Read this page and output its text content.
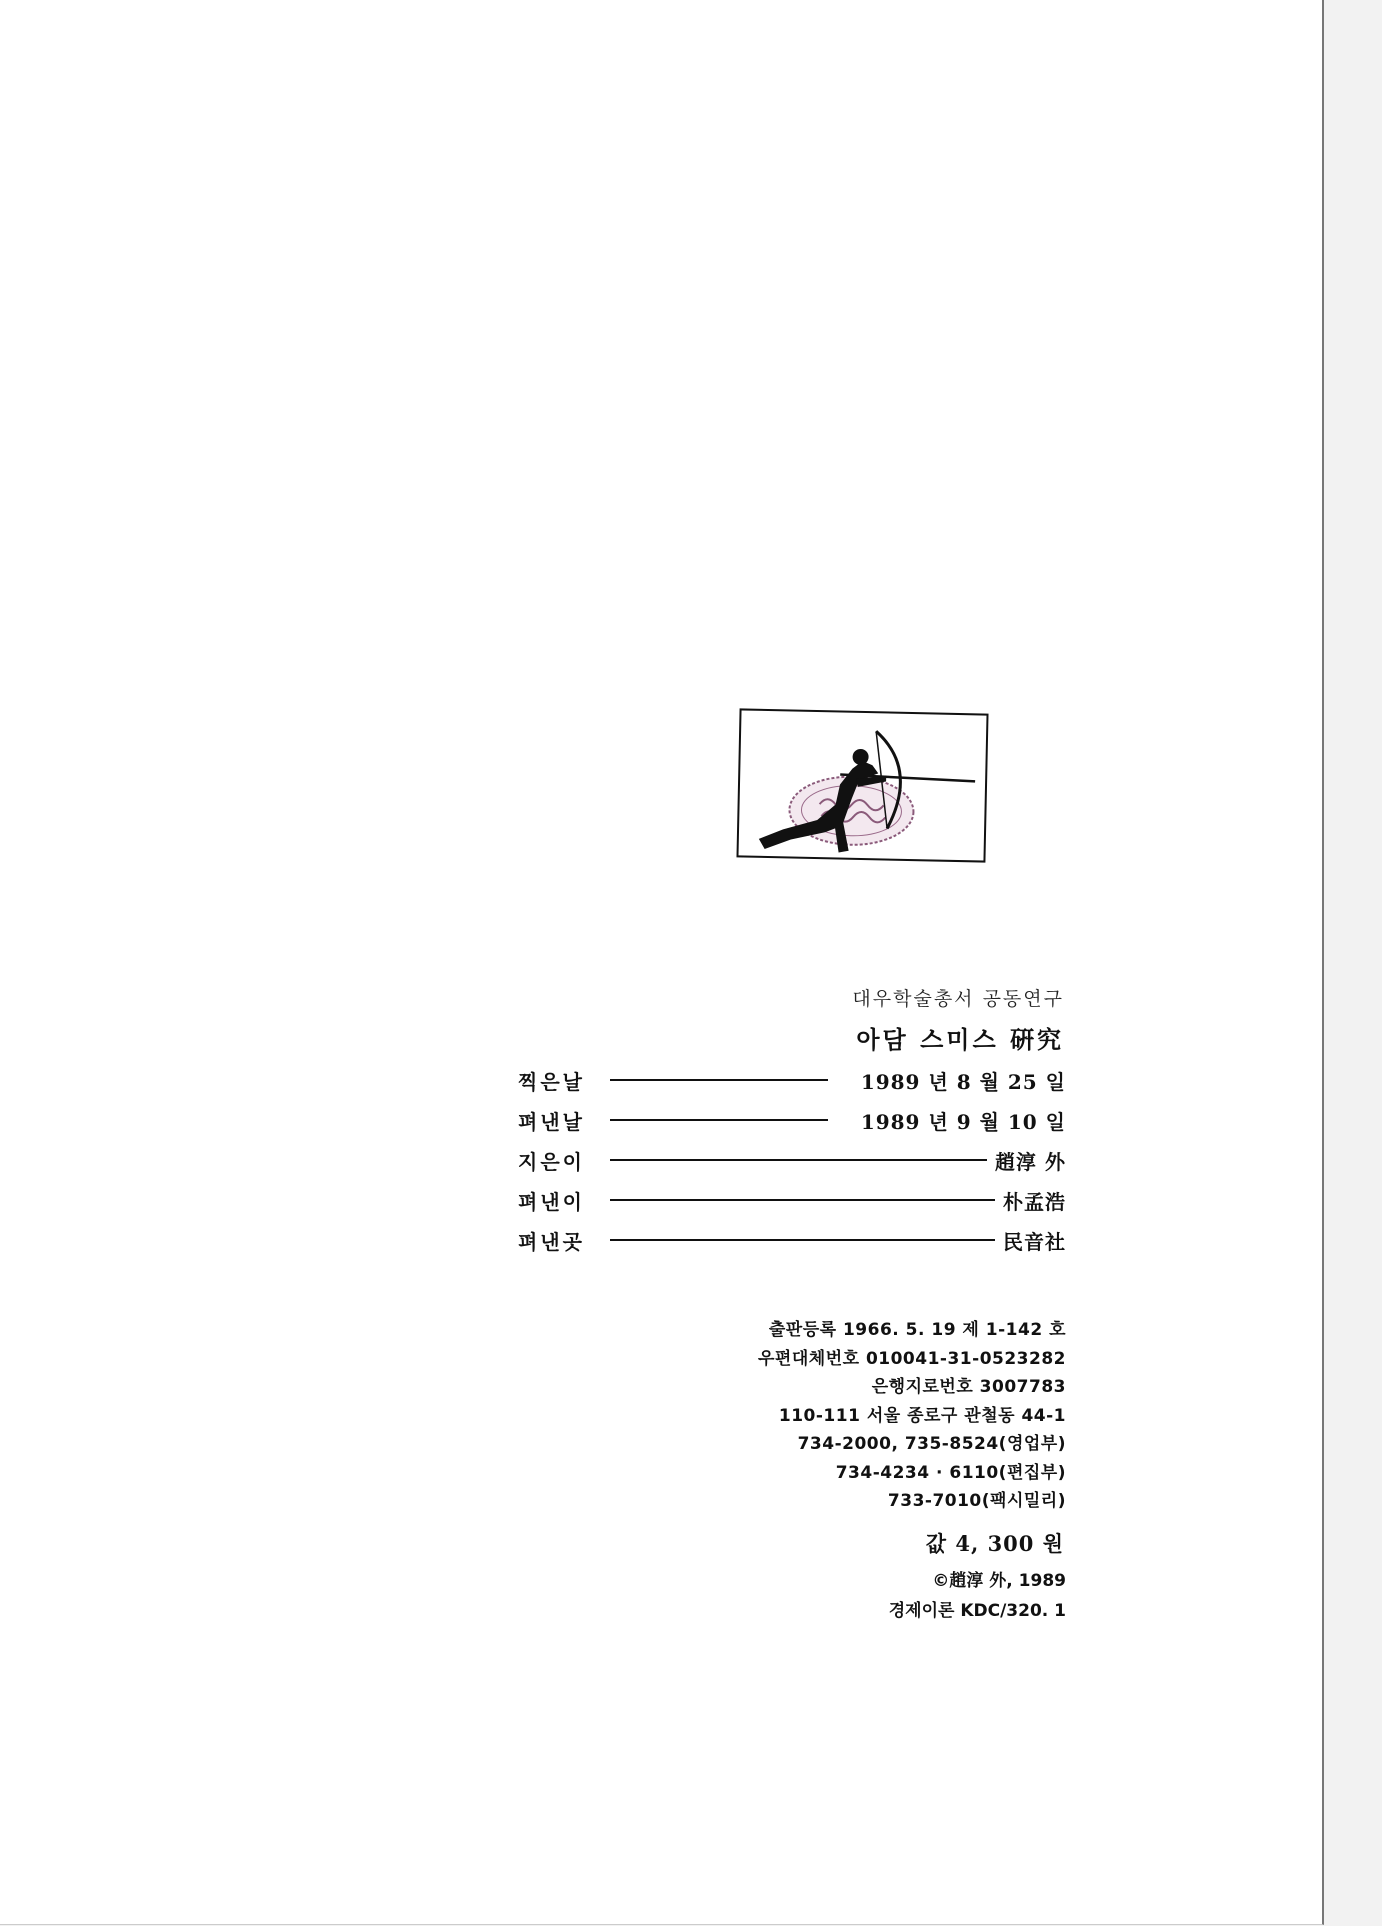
대우학술총서 공동연구
아담 스미스 硏究
찍은날	1989 년 8 월 25 일
펴낸날	1989 년 9 월 10 일
지은이	趙淳 外
펴낸이	朴孟浩
펴낸곳	民音社
출판등록 1966. 5. 19 제 1-142 호
우편대체번호 010041-31-0523282
은행지로번호 3007783
110-111 서울 종로구 관철동 44-1
734-2000, 735-8524(영업부)
734-4234 · 6110(편집부)
733-7010(팩시밀리)
값 4, 300 원
©趙淳 外, 1989
경제이론 KDC/320. 1
